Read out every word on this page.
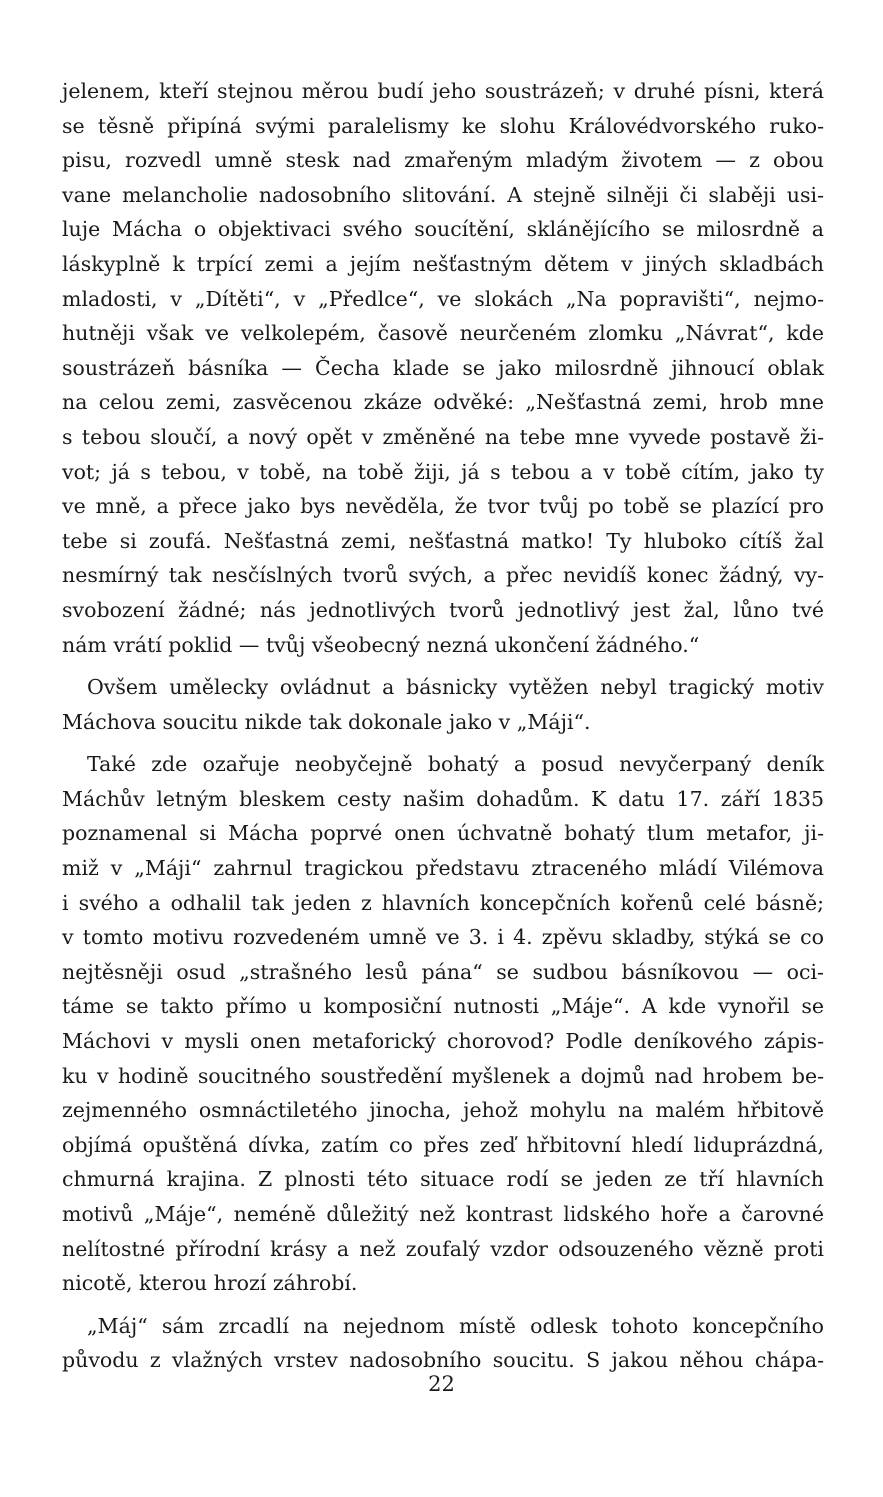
jelenem, kteří stejnou měrou budí jeho soustrázeň; v druhé písni, která
se těsně připíná svými paralelismy ke slohu Královédvorského ruko-
pisu, rozvedl umně stesk nad zmařeným mladým životem — z obou
vane melancholie nadosobního slitování. A stejně silněji či slaběji usi-
luje Mácha o objektivaci svého soucítění, sklánějícího se milosrdně a
láskyplně k trpící zemi a jejím nešťastným dětem v jiných skladbách
mladosti, v „Dítěti“, v „Předlce“, ve slokách „Na popravišti“, nejmo-
hutněji však ve velkolepém, časově neurčeném zlomku „Návrat“, kde
soustrázeň básníka — Čecha klade se jako milosrdně jihnoucí oblak
na celou zemi, zasvěcenou zkáze odvěké: „Nešťastná zemi, hrob mne
s tebou sloučí, a nový opět v změněné na tebe mne vyvede postavě ži-
vot; já s tebou, v tobě, na tobě žiji, já s tebou a v tobě cítím, jako ty
ve mně, a přece jako bys nevěděla, že tvor tvůj po tobě se plazící pro
tebe si zoufá. Nešťastná zemi, nešťastná matko! Ty hluboko cítíš žal
nesmírný tak nesčíslných tvorů svých, a přec nevidíš konec žádný, vy-
svobození žádné; nás jednotlivých tvorů jednotlivý jest žal, lůno tvé
nám vrátí poklid — tvůj všeobecný nezná ukončení žádného.“

Ovšem umělecky ovládnut a básnicky vytěžen nebyl tragický motiv
Máchova soucitu nikde tak dokonale jako v „Máji“.

Také zde ozařuje neobyčejně bohatý a posud nevyčerpaný deník
Máchův letným bleskem cesty našim dohadům. K datu 17. září 1835
poznamenal si Mácha poprvé onen úchvatně bohatý tlum metafor, ji-
miž v „Máji“ zahrnul tragickou představu ztraceného mládí Vilémova
i svého a odhalil tak jeden z hlavních koncepčních kořenů celé básně;
v tomto motivu rozvedeném umně ve 3. i 4. zpěvu skladby, stýká se co
nejtěsněji osud „strašného lesů pána“ se sudbou básníkovou — oci-
táme se takto přímo u komposiční nutnosti „Máje“. A kde vynořil se
Máchovi v mysli onen metaforický chorovod? Podle deníkového zápis-
ku v hodině soucitného soustředění myšlenek a dojmů nad hrobem be-
zejmenného osmnáctiletého jinocha, jehož mohylu na malém hřbitově
objímá opuštěná dívka, zatím co přes zeď hřbitovní hledí liduprázdná,
chmurná krajina. Z plnosti této situace rodí se jeden ze tří hlavních
motivů „Máje“, neméně důležitý než kontrast lidského hoře a čarovné
nelítostné přírodní krásy a než zoufalý vzdor odsouzeného vězně proti
nicotě, kterou hrozí záhrobí.

„Máj“ sám zrcadlí na nejednom místě odlesk tohoto koncepčního
původu z vlažných vrstev nadosobního soucitu. S jakou něhou chápa-

22
